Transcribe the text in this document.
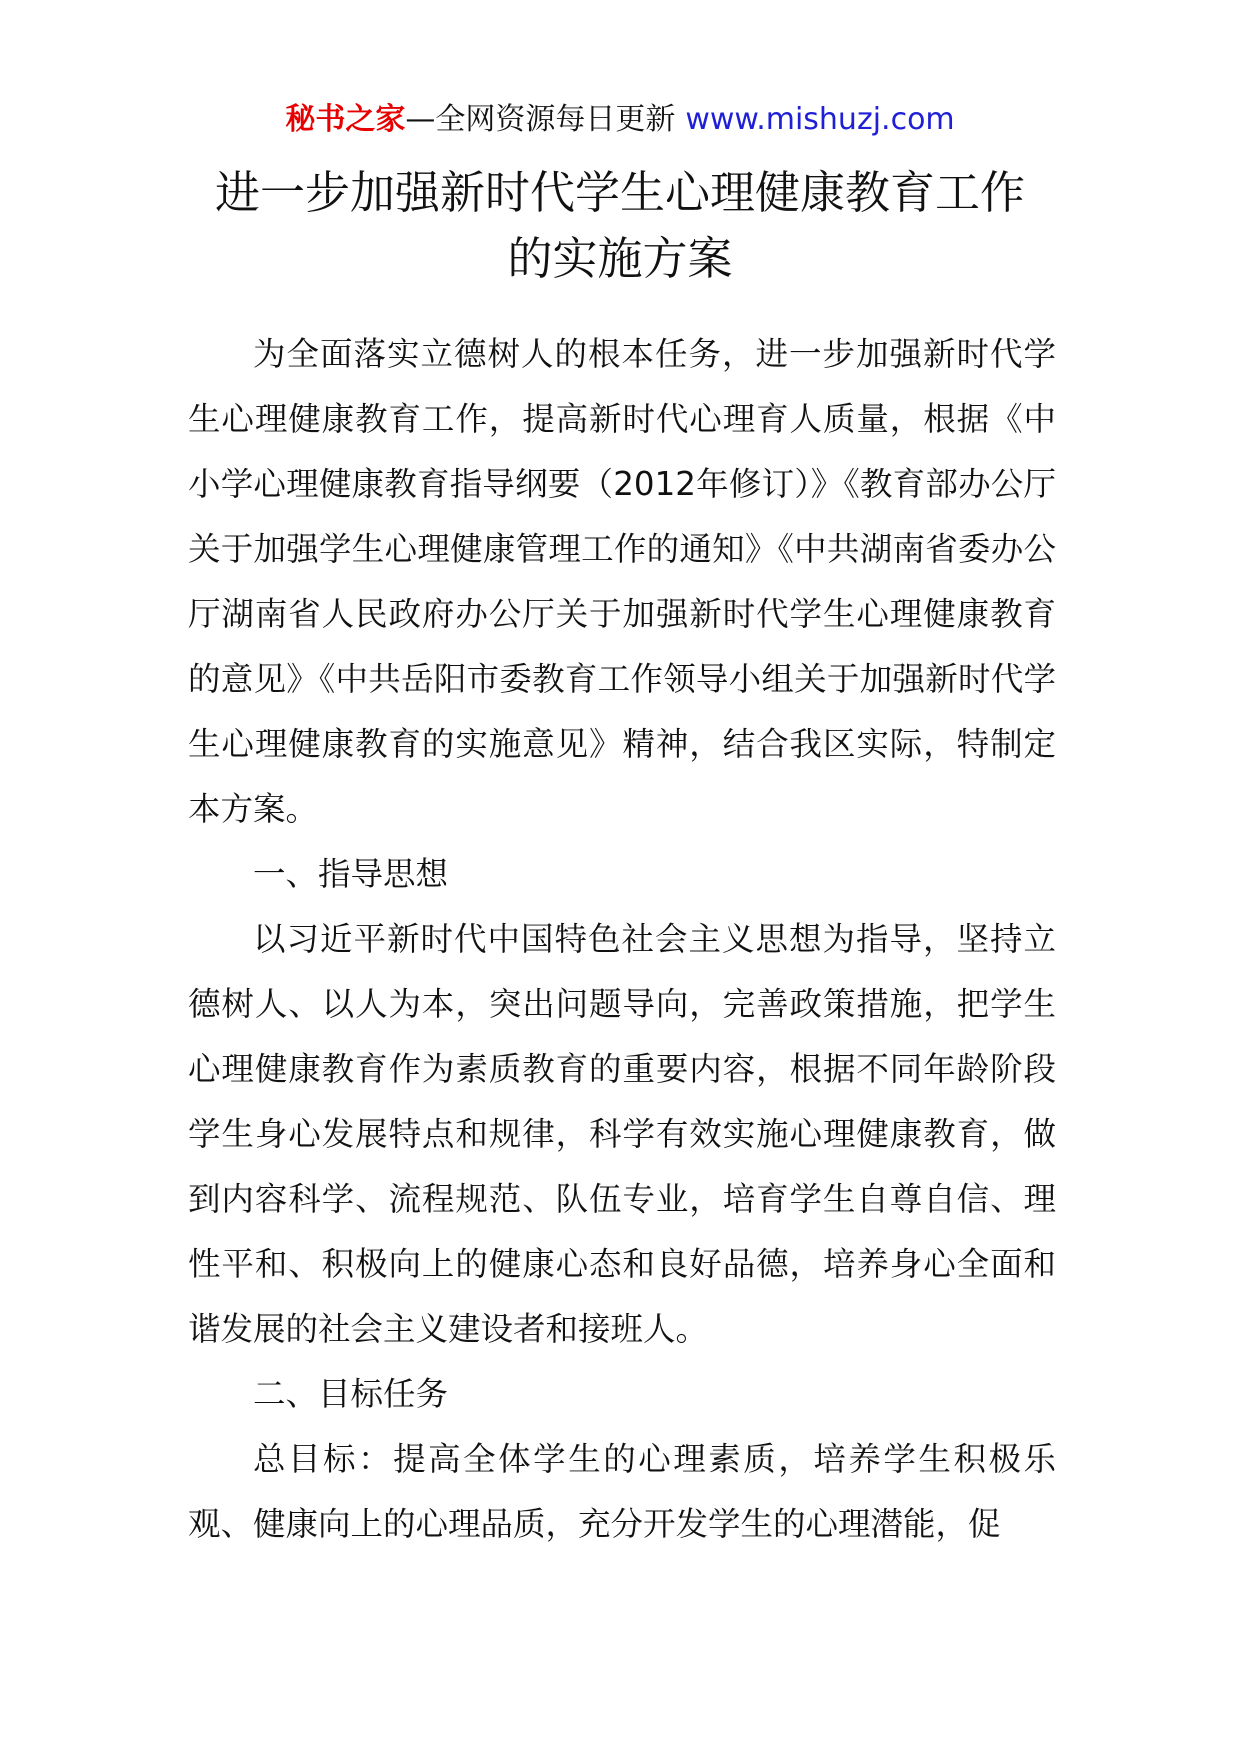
秘书之家—全网资源每日更新 www.mishuzj.com
进一步加强新时代学生心理健康教育工作
的实施方案

为全面落实立德树人的根本任务，进一步加强新时代学生心理健康教育工作，提高新时代心理育人质量，根据《中小学心理健康教育指导纲要（2012年修订）》《教育部办公厅关于加强学生心理健康管理工作的通知》《中共湖南省委办公厅湖南省人民政府办公厅关于加强新时代学生心理健康教育的意见》《中共岳阳市委教育工作领导小组关于加强新时代学生心理健康教育的实施意见》精神，结合我区实际，特制定本方案。

一、指导思想

以习近平新时代中国特色社会主义思想为指导，坚持立德树人、以人为本，突出问题导向，完善政策措施，把学生心理健康教育作为素质教育的重要内容，根据不同年龄阶段学生身心发展特点和规律，科学有效实施心理健康教育，做到内容科学、流程规范、队伍专业，培育学生自尊自信、理性平和、积极向上的健康心态和良好品德，培养身心全面和谐发展的社会主义建设者和接班人。

二、目标任务

总目标：提高全体学生的心理素质，培养学生积极乐观、健康向上的心理品质，充分开发学生的心理潜能，促
